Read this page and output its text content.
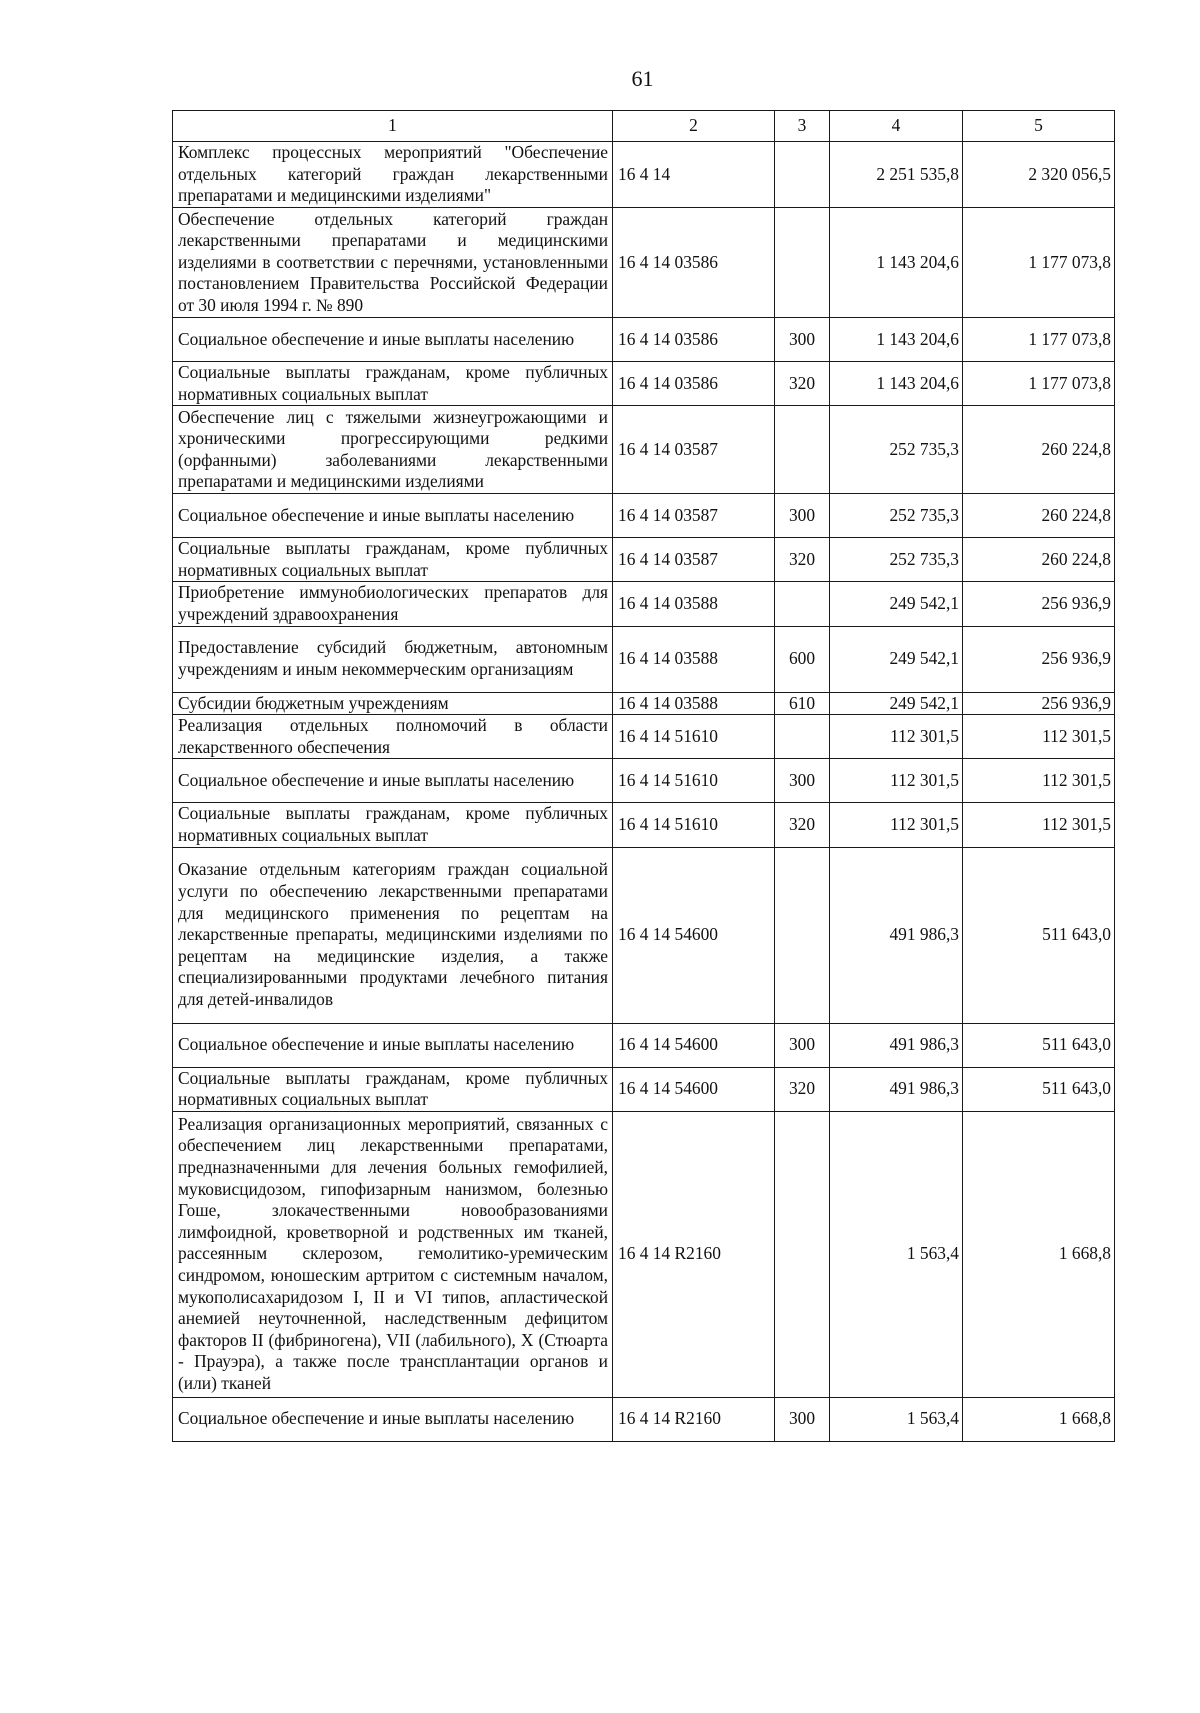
61
1	2	3	4	5
Комплекс процессных мероприятий "Обеспечение отдельных категорий граждан лекарственными препаратами и медицинскими изделиями"	16 4 14		2 251 535,8	2 320 056,5
Обеспечение отдельных категорий граждан лекарственными препаратами и медицинскими изделиями в соответствии с перечнями, установленными постановлением Правительства Российской Федерации от 30 июля 1994 г. № 890	16 4 14 03586		1 143 204,6	1 177 073,8
Социальное обеспечение и иные выплаты населению	16 4 14 03586	300	1 143 204,6	1 177 073,8
Социальные выплаты гражданам, кроме публичных нормативных социальных выплат	16 4 14 03586	320	1 143 204,6	1 177 073,8
Обеспечение лиц с тяжелыми жизнеугрожающими и хроническими прогрессирующими редкими (орфанными) заболеваниями лекарственными препаратами и медицинскими изделиями	16 4 14 03587		252 735,3	260 224,8
Социальное обеспечение и иные выплаты населению	16 4 14 03587	300	252 735,3	260 224,8
Социальные выплаты гражданам, кроме публичных нормативных социальных выплат	16 4 14 03587	320	252 735,3	260 224,8
Приобретение иммунобиологических препаратов для учреждений здравоохранения	16 4 14 03588		249 542,1	256 936,9
Предоставление субсидий бюджетным, автономным учреждениям и иным некоммерческим организациям	16 4 14 03588	600	249 542,1	256 936,9
Субсидии бюджетным учреждениям	16 4 14 03588	610	249 542,1	256 936,9
Реализация отдельных полномочий в области лекарственного обеспечения	16 4 14 51610		112 301,5	112 301,5
Социальное обеспечение и иные выплаты населению	16 4 14 51610	300	112 301,5	112 301,5
Социальные выплаты гражданам, кроме публичных нормативных социальных выплат	16 4 14 51610	320	112 301,5	112 301,5
Оказание отдельным категориям граждан социальной услуги по обеспечению лекарственными препаратами для медицинского применения по рецептам на лекарственные препараты, медицинскими изделиями по рецептам на медицинские изделия, а также специализированными продуктами лечебного питания для детей-инвалидов	16 4 14 54600		491 986,3	511 643,0
Социальное обеспечение и иные выплаты населению	16 4 14 54600	300	491 986,3	511 643,0
Социальные выплаты гражданам, кроме публичных нормативных социальных выплат	16 4 14 54600	320	491 986,3	511 643,0
Реализация организационных мероприятий, связанных с обеспечением лиц лекарственными препаратами, предназначенными для лечения больных гемофилией, муковисцидозом, гипофизарным нанизмом, болезнью Гоше, злокачественными новообразованиями лимфоидной, кроветворной и родственных им тканей, рассеянным склерозом, гемолитико-уремическим синдромом, юношеским артритом с системным началом, мукополисахаридозом I, II и VI типов, апластической анемией неуточненной, наследственным дефицитом факторов II (фибриногена), VII (лабильного), X (Стюарта - Прауэра), а также после трансплантации органов и (или) тканей	16 4 14 R2160		1 563,4	1 668,8
Социальное обеспечение и иные выплаты населению	16 4 14 R2160	300	1 563,4	1 668,8
